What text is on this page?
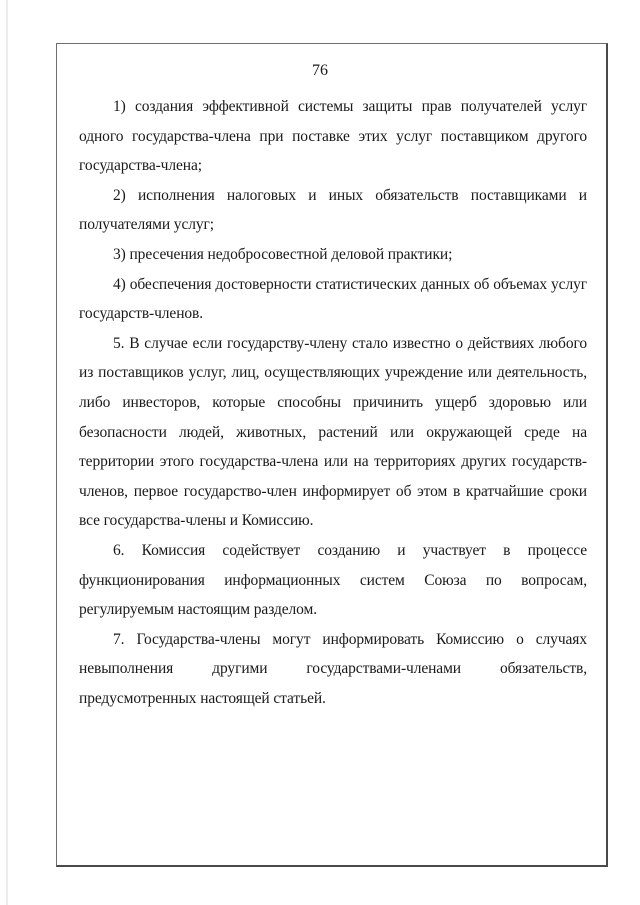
76

1) создания эффективной системы защиты прав получателей услуг одного государства-члена при поставке этих услуг поставщиком другого государства-члена;

2) исполнения налоговых и иных обязательств поставщиками и получателями услуг;

3) пресечения недобросовестной деловой практики;

4) обеспечения достоверности статистических данных об объемах услуг государств-членов.

5. В случае если государству-члену стало известно о действиях любого из поставщиков услуг, лиц, осуществляющих учреждение или деятельность, либо инвесторов, которые способны причинить ущерб здоровью или безопасности людей, животных, растений или окружающей среде на территории этого государства-члена или на территориях других государств-членов, первое государство-член информирует об этом в кратчайшие сроки все государства-члены и Комиссию.

6. Комиссия содействует созданию и участвует в процессе функционирования информационных систем Союза по вопросам, регулируемым настоящим разделом.

7. Государства-члены могут информировать Комиссию о случаях невыполнения другими государствами-членами обязательств, предусмотренных настоящей статьей.
